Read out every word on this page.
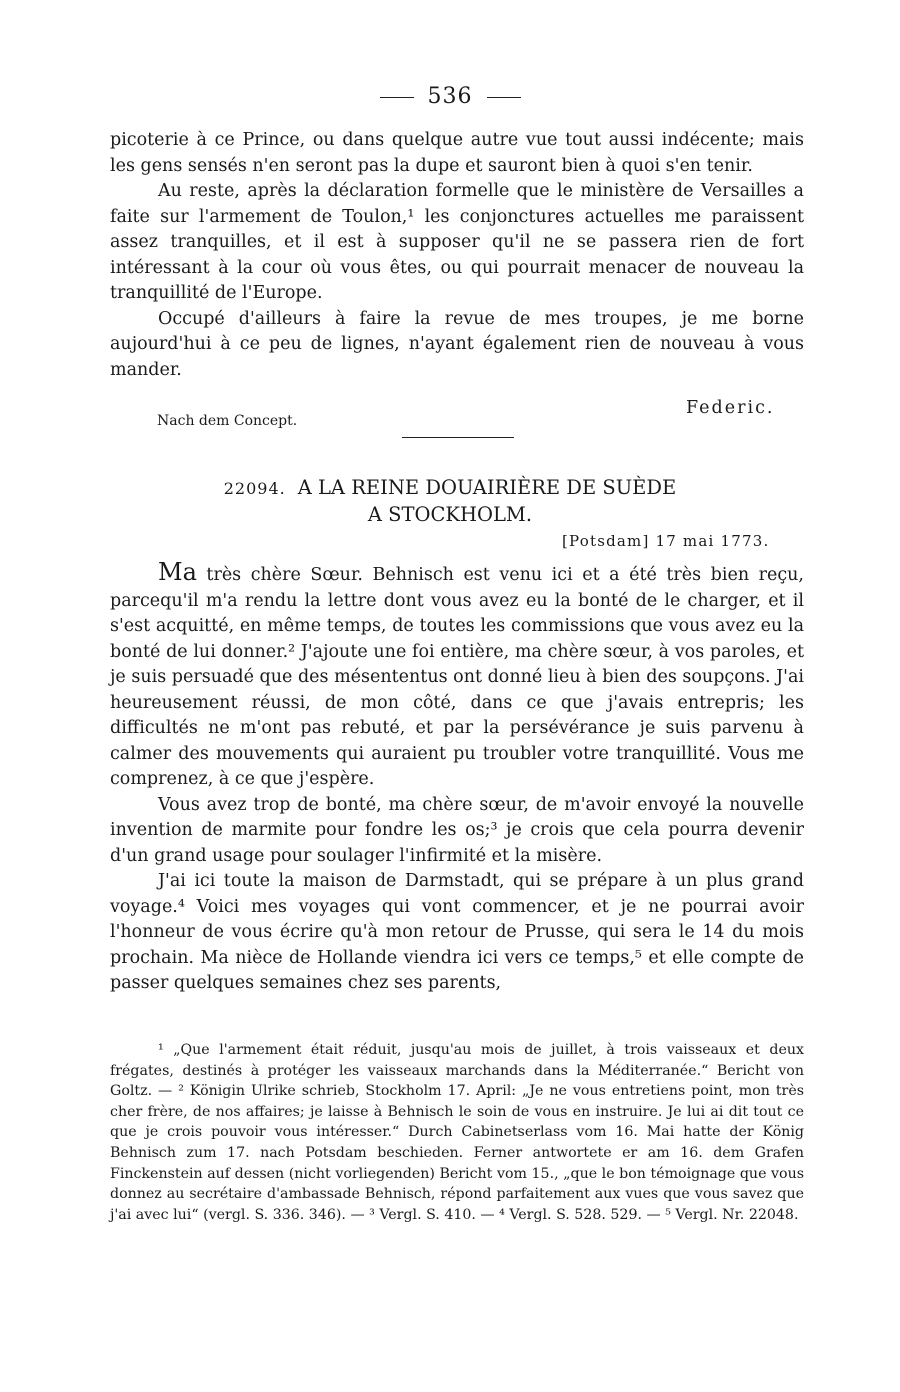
536

picoterie à ce Prince, ou dans quelque autre vue tout aussi indécente; mais les gens sensés n'en seront pas la dupe et sauront bien à quoi s'en tenir.

Au reste, après la déclaration formelle que le ministère de Versailles a faite sur l'armement de Toulon,¹ les conjonctures actuelles me paraissent assez tranquilles, et il est à supposer qu'il ne se passera rien de fort intéressant à la cour où vous êtes, ou qui pourrait menacer de nouveau la tranquillité de l'Europe.

Occupé d'ailleurs à faire la revue de mes troupes, je me borne aujourd'hui à ce peu de lignes, n'ayant également rien de nouveau à vous mander.

Federic.
Nach dem Concept.
22094. A LA REINE DOUAIRIÈRE DE SUÈDE
A STOCKHOLM.
[Potsdam] 17 mai 1773.

Ma très chère Sœur. Behnisch est venu ici et a été très bien reçu, parcequ'il m'a rendu la lettre dont vous avez eu la bonté de le charger, et il s'est acquitté, en même temps, de toutes les commissions que vous avez eu la bonté de lui donner.² J'ajoute une foi entière, ma chère sœur, à vos paroles, et je suis persuadé que des mésententus ont donné lieu à bien des soupçons. J'ai heureusement réussi, de mon côté, dans ce que j'avais entrepris; les difficultés ne m'ont pas rebuté, et par la persévérance je suis parvenu à calmer des mouvements qui auraient pu troubler votre tranquillité. Vous me comprenez, à ce que j'espère.

Vous avez trop de bonté, ma chère sœur, de m'avoir envoyé la nouvelle invention de marmite pour fondre les os;³ je crois que cela pourra devenir d'un grand usage pour soulager l'infirmité et la misère.

J'ai ici toute la maison de Darmstadt, qui se prépare à un plus grand voyage.⁴ Voici mes voyages qui vont commencer, et je ne pourrai avoir l'honneur de vous écrire qu'à mon retour de Prusse, qui sera le 14 du mois prochain. Ma nièce de Hollande viendra ici vers ce temps,⁵ et elle compte de passer quelques semaines chez ses parents,

¹ „Que l'armement était réduit, jusqu'au mois de juillet, à trois vaisseaux et deux frégates, destinés à protéger les vaisseaux marchands dans la Méditerranée.“ Bericht von Goltz. — ² Königin Ulrike schrieb, Stockholm 17. April: „Je ne vous entretiens point, mon très cher frère, de nos affaires; je laisse à Behnisch le soin de vous en instruire. Je lui ai dit tout ce que je crois pouvoir vous intéresser.“ Durch Cabinetserlass vom 16. Mai hatte der König Behnisch zum 17. nach Potsdam beschieden. Ferner antwortete er am 16. dem Grafen Finckenstein auf dessen (nicht vorliegenden) Bericht vom 15., „que le bon témoignage que vous donnez au secrétaire d'ambassade Behnisch, répond parfaitement aux vues que vous savez que j'ai avec lui“ (vergl. S. 336. 346). — ³ Vergl. S. 410. — ⁴ Vergl. S. 528. 529. — ⁵ Vergl. Nr. 22048.
